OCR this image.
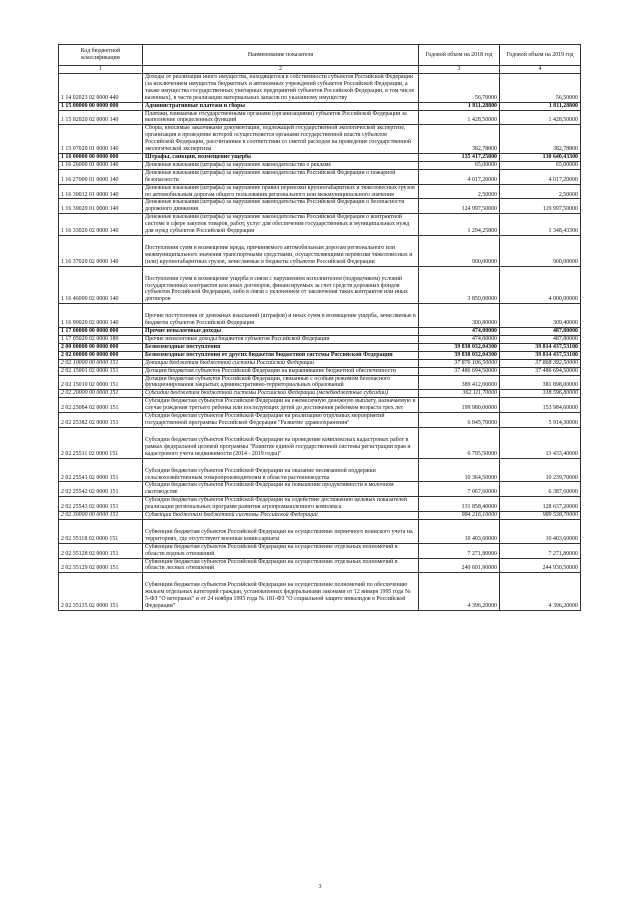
Код бюджетной классификации	Наименование показателя	Годовой объем на 2018 год	Годовой объем на 2019 год
1	2	3	4
1 14 02023 02 0000 440	Доходы от реализации иного имущества, находящегося в собственности субъектов Российской Федерации (за исключением имущества бюджетных и автономных учреждений субъектов Российской Федерации, а также имущества государственных унитарных предприятий субъектов Российской Федерации, в том числе казенных), в части реализации материальных запасов по указанному имуществу	56,70000	56,50000
1 15 00000 00 0000 000	Административные платежи и сборы	1 811,28800	1 811,28800
1 15 02020 02 0000 140	Платежи, взимаемые государственными органами (организациями) субъектов Российской Федерации за выполнение определенных функций	1 428,50000	1 428,50000
1 15 07020 01 0000 140	Сборы, вносимые заказчиками документации, подлежащей государственной экологической экспертизе, организация и проведение которой осуществляется органами государственной власти субъектов Российской Федерации, рассчитанные в соответствии со сметой расходов на проведение государственной экологической экспертизы	382,78800	382,78800
1 16 00000 00 0000 000	Штрафы, санкции, возмещение ущерба	135 417,25800	130 640,43300
1 16 26000 01 0000 140	Денежные взыскания (штрафы) за нарушение законодательства о рекламе	65,00000	65,00000
1 16 27000 01 0000 140	Денежные взыскания (штрафы) за нарушение законодательства Российской Федерации о пожарной безопасности	4 017,20000	4 017,20000
1 16 30012 01 0000 140	Денежные взыскания (штрафы) за нарушение правил перевозки крупногабаритных и тяжеловесных грузов по автомобильным дорогам общего пользования регионального или межмуниципального значения	2,50000	2,50000
1 16 30020 01 0000 140	Денежные взыскания (штрафы) за нарушение законодательства Российской Федерации о безопасности дорожного движения	124 997,50000	119 997,50000
1 16 33020 02 0000 140	Денежные взыскания (штрафы) за нарушение законодательства Российской Федерации о контрактной системе в сфере закупок товаров, работ, услуг для обеспечения государственных и муниципальных нужд для нужд субъектов Российской Федерации	1 294,25800	1 348,43300
1 16 37020 02 0000 140	Поступления сумм в возмещение вреда, причиняемого автомобильным дорогам регионального или межмуниципального значения транспортными средствами, осуществляющими перевозки тяжеловесных и (или) крупногабаритных грузов, зачисляемые в бюджеты субъектов Российской Федерации	900,00000	900,00000
1 16 46000 02 0000 140	Поступления сумм в возмещение ущерба в связи с нарушением исполнителем (подрядчиком) условий государственных контрактов или иных договоров, финансируемых за счет средств дорожных фондов субъектов Российской Федерации, либо в связи с уклонением от заключения таких контрактов или иных договоров	3 850,00000	4 000,00000
1 16 90020 02 0000 140	Прочие поступления от денежных взысканий (штрафов) и иных сумм в возмещение ущерба, зачисляемые в бюджеты субъектов Российской Федерации	300,80000	309,40000
1 17 00000 00 0000 000	Прочие неналоговые доходы	474,00000	487,80000
1 17 05020 02 0000 180	Прочие неналоговые доходы бюджетов субъектов Российской Федерации	474,00000	487,80000
2 00 00000 00 0000 000	Безвозмездные поступления	39 838 032,04300	39 814 437,53100
2 02 00000 00 0000 000	Безвозмездные поступления от других бюджетов бюджетной системы Российской Федерации	39 838 032,04300	39 814 437,53100
2 02 10000 00 0000 151	Дотации бюджетам бюджетной системы Российской Федерации	37 876 106,50000	37 868 392,50000
2 02 15001 02 0000 151	Дотации бюджетам субъектов Российской Федерации на выравнивание бюджетной обеспеченности	37 486 694,50000	37 486 694,50000
2 02 15010 02 0000 151	Дотации бюджетам субъектов Российской Федерации, связанные с особым режимом безопасного функционирования закрытых административно-территориальных образований	389 412,00000	381 898,00000
2 02 20000 00 0000 151	Субсидии бюджетам бюджетной системы Российской Федерации (межбюджетные субсидии)	362 111,70000	318 596,80000
2 02 25084 02 0000 151	Субсидии бюджетам субъектов Российской Федерации на ежемесячную денежную выплату, назначаемую в случае рождения третьего ребенка или последующих детей до достижения ребенком возраста трех лет	199 980,00000	153 984,60000
2 02 25382 02 0000 151	Субсидии бюджетам субъектов Российской Федерации на реализацию отдельных мероприятий государственной программы Российской Федерации "Развитие здравоохранения"	6 045,70000	5 914,30000
2 02 25511 02 0000 151	Субсидии бюджетам субъектов Российской Федерации на проведение комплексных кадастровых работ в рамках федеральной целевой программы "Развитие единой государственной системы регистрации прав и кадастрового учета недвижимости (2014 - 2019 годы)"	6 795,50000	13 433,40000
2 02 25541 02 0000 151	Субсидии бюджетам субъектов Российской Федерации на оказание несвязанной поддержки сельскохозяйственным товаропроизводителям в области растениеводства	10 364,50000	10 239,70000
2 02 25542 02 0000 151	Субсидии бюджетам субъектов Российской Федерации на повышение продуктивности в молочном скотоводстве	7 067,60000	6 387,60000
2 02 25543 02 0000 151	Субсидии бюджетам субъектов Российской Федерации на содействие достижению целевых показателей реализации региональных программ развития агропромышленного комплекса	131 858,40000	128 637,20000
2 02 30000 00 0000 151	Субвенции бюджетам бюджетной системы Российской Федерации	984 216,10000	989 538,70000
2 02 35118 02 0000 151	Субвенции бюджетам субъектов Российской Федерации на осуществление первичного воинского учета на территориях, где отсутствуют военные комиссариаты	10 403,60000	10 403,60000
2 02 35128 02 0000 151	Субвенции бюджетам субъектов Российской Федерации на осуществление отдельных полномочий в области водных отношений	7 271,80000	7 271,80000
2 02 35129 02 0000 151	Субвенции бюджетам субъектов Российской Федерации на осуществление отдельных полномочий в области лесных отношений	240 601,90000	244 930,50000
2 02 35135 02 0000 151	Субвенции бюджетам субъектов Российской Федерации на осуществление полномочий по обеспечению жильем отдельных категорий граждан, установленных федеральными законами от 12 января 1995 года № 5-ФЗ "О ветеранах" и от 24 ноября 1995 года № 181-ФЗ "О социальной защите инвалидов в Российской Федерации"	4 396,20000	4 396,20000
3
